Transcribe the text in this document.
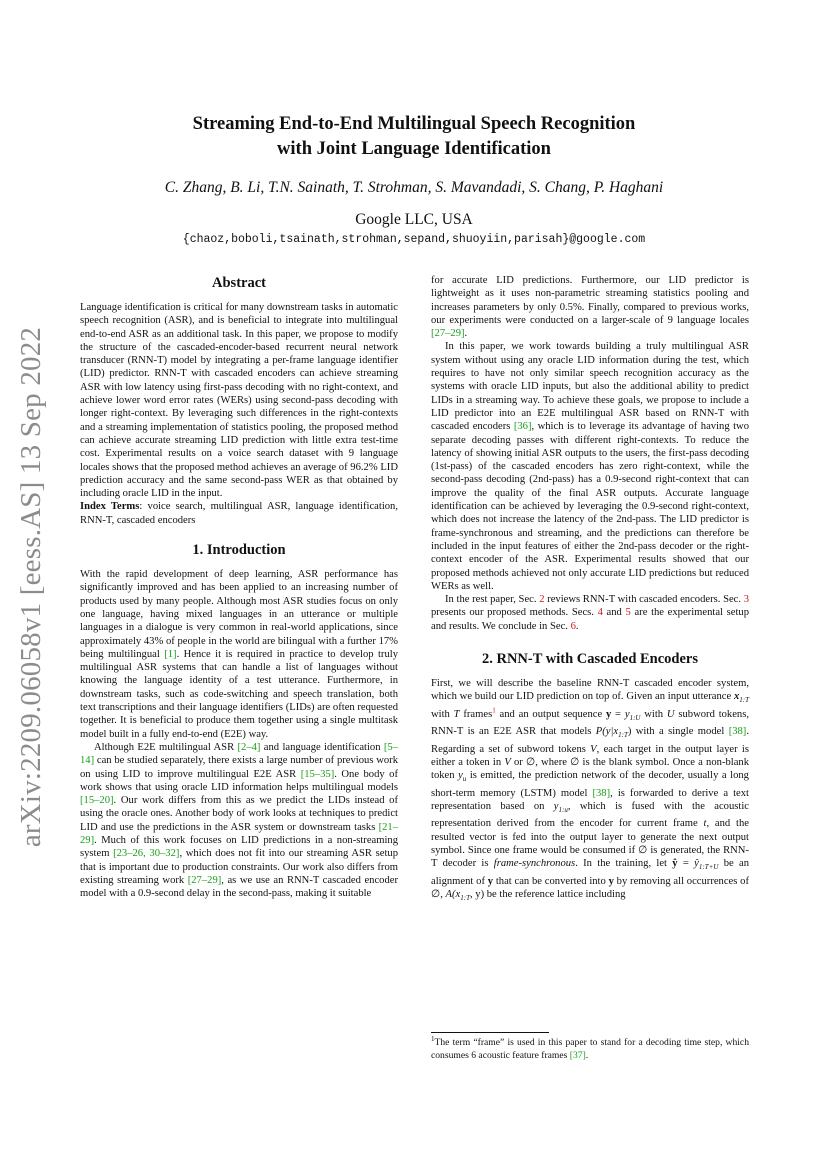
arXiv:2209.06058v1 [eess.AS] 13 Sep 2022
Streaming End-to-End Multilingual Speech Recognition
with Joint Language Identification
C. Zhang, B. Li, T.N. Sainath, T. Strohman, S. Mavandadi, S. Chang, P. Haghani
Google LLC, USA
{chaoz,boboli,tsainath,strohman,sepand,shuoyiin,parisah}@google.com
Abstract

Language identification is critical for many downstream tasks in automatic speech recognition (ASR), and is beneficial to integrate into multilingual end-to-end ASR as an additional task. In this paper, we propose to modify the structure of the cascaded-encoder-based recurrent neural network transducer (RNN-T) model by integrating a per-frame language identifier (LID) predictor. RNN-T with cascaded encoders can achieve streaming ASR with low latency using first-pass decoding with no right-context, and achieve lower word error rates (WERs) using second-pass decoding with longer right-context. By leveraging such differences in the right-contexts and a streaming implementation of statistics pooling, the proposed method can achieve accurate streaming LID prediction with little extra test-time cost. Experimental results on a voice search dataset with 9 language locales shows that the proposed method achieves an average of 96.2% LID prediction accuracy and the same second-pass WER as that obtained by including oracle LID in the input.
Index Terms: voice search, multilingual ASR, language identification, RNN-T, cascaded encoders

1. Introduction

With the rapid development of deep learning, ASR performance has significantly improved and has been applied to an increasing number of products used by many people. Although most ASR studies focus on only one language, having mixed languages in an utterance or multiple languages in a dialogue is very common in real-world applications, since approximately 43% of people in the world are bilingual with a further 17% being multilingual [1]. Hence it is required in practice to develop truly multilingual ASR systems that can handle a list of languages without knowing the language identity of a test utterance. Furthermore, in downstream tasks, such as code-switching and speech translation, both text transcriptions and their language identifiers (LIDs) are often requested together. It is beneficial to produce them together using a single multitask model built in a fully end-to-end (E2E) way.

Although E2E multilingual ASR [2–4] and language identification [5–14] can be studied separately, there exists a large number of previous work on using LID to improve multilingual E2E ASR [15–35]. One body of work shows that using oracle LID information helps multilingual models [15–20]. Our work differs from this as we predict the LIDs instead of using the oracle ones. Another body of work looks at techniques to predict LID and use the predictions in the ASR system or downstream tasks [21–29]. Much of this work focuses on LID predictions in a non-streaming system [23–26, 30–32], which does not fit into our streaming ASR setup that is important due to production constraints. Our work also differs from existing streaming work [27–29], as we use an RNN-T cascaded encoder model with a 0.9-second delay in the second-pass, making it suitable

for accurate LID predictions. Furthermore, our LID predictor is lightweight as it uses non-parametric streaming statistics pooling and increases parameters by only 0.5%. Finally, compared to previous works, our experiments were conducted on a larger-scale of 9 language locales [27–29].

In this paper, we work towards building a truly multilingual ASR system without using any oracle LID information during the test, which requires to have not only similar speech recognition accuracy as the systems with oracle LID inputs, but also the additional ability to predict LIDs in a streaming way. To achieve these goals, we propose to include a LID predictor into an E2E multilingual ASR based on RNN-T with cascaded encoders [36], which is to leverage its advantage of having two separate decoding passes with different right-contexts. To reduce the latency of showing initial ASR outputs to the users, the first-pass decoding (1st-pass) of the cascaded encoders has zero right-context, while the second-pass decoding (2nd-pass) has a 0.9-second right-context that can improve the quality of the final ASR outputs. Accurate language identification can be achieved by leveraging the 0.9-second right-context, which does not increase the latency of the 2nd-pass. The LID predictor is frame-synchronous and streaming, and the predictions can therefore be included in the input features of either the 2nd-pass decoder or the right-context encoder of the ASR. Experimental results showed that our proposed methods achieved not only accurate LID predictions but reduced WERs as well.

In the rest paper, Sec. 2 reviews RNN-T with cascaded encoders. Sec. 3 presents our proposed methods. Secs. 4 and 5 are the experimental setup and results. We conclude in Sec. 6.

2. RNN-T with Cascaded Encoders

First, we will describe the baseline RNN-T cascaded encoder system, which we build our LID prediction on top of. Given an input utterance $x_{1:T}$ with T frames$^1$ and an output sequence $y = y_{1:U}$ with U subword tokens, RNN-T is an E2E ASR that models $P(y|x_{1:T})$ with a single model [38]. Regarding a set of subword tokens V, each target in the output layer is either a token in V or ∅, where ∅ is the blank symbol. Once a non-blank token $y_u$ is emitted, the prediction network of the decoder, usually a long short-term memory (LSTM) model [38], is forwarded to derive a text representation based on $y_{1:u}$, which is fused with the acoustic representation derived from the encoder for current frame t, and the resulted vector is fed into the output layer to generate the next output symbol. Since one frame would be consumed if ∅ is generated, the RNN-T decoder is frame-synchronous. In the training, let ŷ = $ŷ_{1:T+U}$ be an alignment of y that can be converted into y by removing all occurrences of ∅, $A(x_{1:T}$, y) be the reference lattice including

$^1$The term “frame” is used in this paper to stand for a decoding time step, which consumes 6 acoustic feature frames [37].
